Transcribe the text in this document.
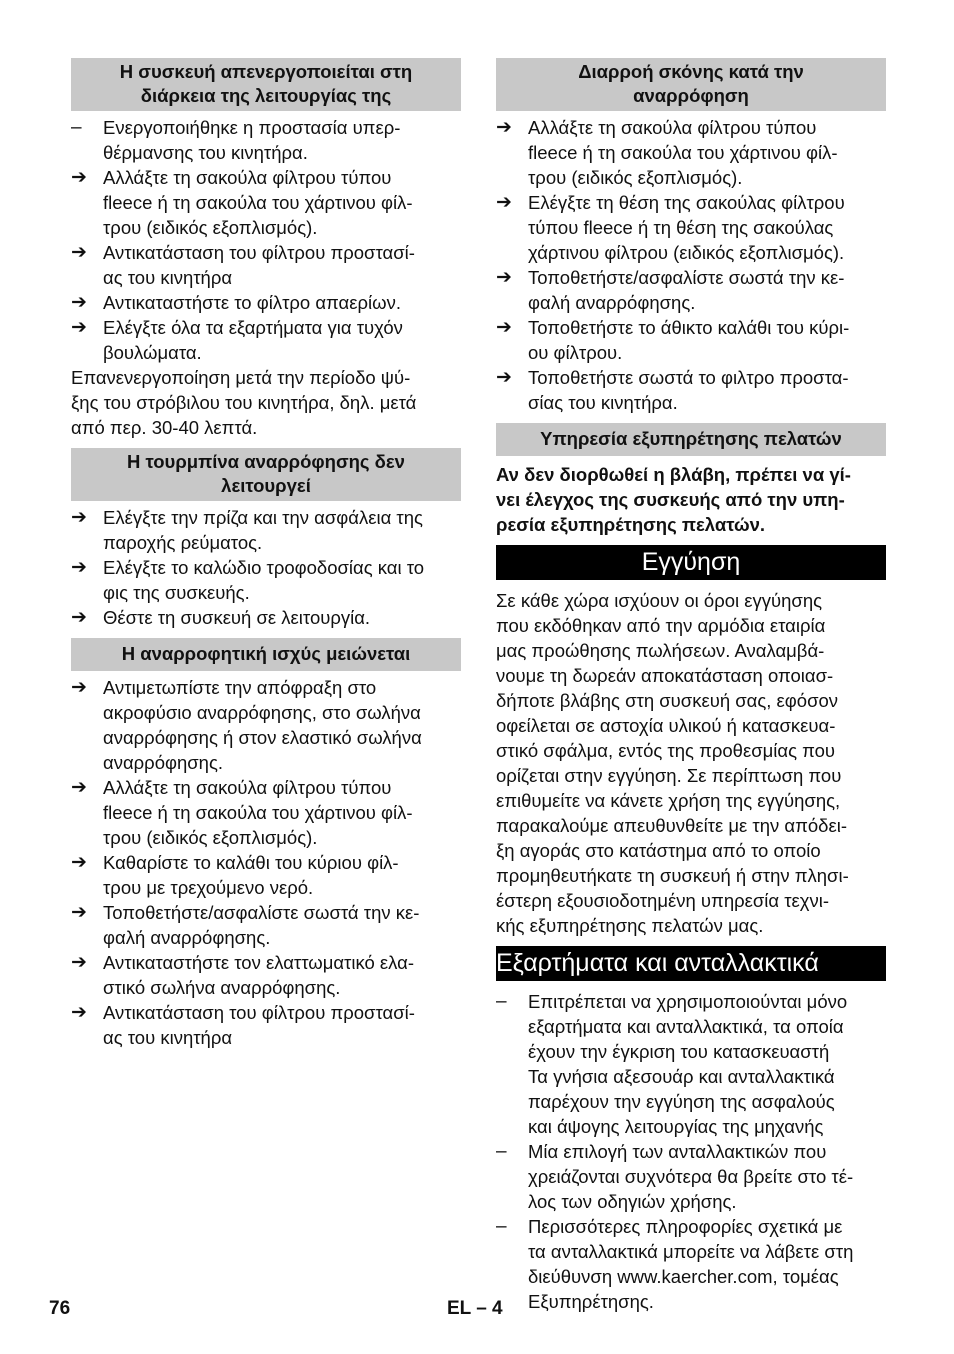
Η συσκευή απενεργοποιείται στη
διάρκεια της λειτουργίας της
–	Ενεργοποιήθηκε η προστασία υπερ-
θέρμανσης του κινητήρα.
➔ Αλλάξτε τη σακούλα φίλτρου τύπου
fleece ή τη σακούλα του χάρτινου φίλ-
τρου (ειδικός εξοπλισμός).
➔ Αντικατάσταση του φίλτρου προστασί-
ας του κινητήρα
➔ Αντικαταστήστε το φίλτρο απαερίων.
➔ Ελέγξτε όλα τα εξαρτήματα για τυχόν
βουλώματα.
Επανενεργοποίηση μετά την περίοδο ψύ-
ξης του στρόβιλου του κινητήρα, δηλ. μετά
από περ. 30-40 λεπτά.
Η τουρμπίνα αναρρόφησης δεν
λειτουργεί
➔ Ελέγξτε την πρίζα και την ασφάλεια της
παροχής ρεύματος.
➔ Ελέγξτε το καλώδιο τροφοδοσίας και το
φις της συσκευής.
➔ Θέστε τη συσκευή σε λειτουργία.
Η αναρροφητική ισχύς μειώνεται
➔ Αντιμετωπίστε την απόφραξη στο
ακροφύσιο αναρρόφησης, στο σωλήνα
αναρρόφησης ή στον ελαστικό σωλήνα
αναρρόφησης.
➔ Αλλάξτε τη σακούλα φίλτρου τύπου
fleece ή τη σακούλα του χάρτινου φίλ-
τρου (ειδικός εξοπλισμός).
➔ Καθαρίστε το καλάθι του κύριου φίλ-
τρου με τρεχούμενο νερό.
➔ Τοποθετήστε/ασφαλίστε σωστά την κε-
φαλή αναρρόφησης.
➔ Αντικαταστήστε τον ελαττωματικό ελα-
στικό σωλήνα αναρρόφησης.
➔ Αντικατάσταση του φίλτρου προστασί-
ας του κινητήρα
Διαρροή σκόνης κατά την
αναρρόφηση
➔ Αλλάξτε τη σακούλα φίλτρου τύπου
fleece ή τη σακούλα του χάρτινου φίλ-
τρου (ειδικός εξοπλισμός).
➔ Ελέγξτε τη θέση της σακούλας φίλτρου
τύπου fleece ή τη θέση της σακούλας
χάρτινου φίλτρου (ειδικός εξοπλισμός).
➔ Τοποθετήστε/ασφαλίστε σωστά την κε-
φαλή αναρρόφησης.
➔ Τοποθετήστε το άθικτο καλάθι του κύρι-
ου φίλτρου.
➔ Τοποθετήστε σωστά το φιλτρο προστα-
σίας του κινητήρα.
Υπηρεσία εξυπηρέτησης πελατών
Αν δεν διορθωθεί η βλάβη, πρέπει να γί-
νει έλεγχος της συσκευής από την υπη-
ρεσία εξυπηρέτησης πελατών.
Εγγύηση
Σε κάθε χώρα ισχύουν οι όροι εγγύησης
που εκδόθηκαν από την αρμόδια εταιρία
μας προώθησης πωλήσεων. Αναλαμβά-
νουμε τη δωρεάν αποκατάσταση οποιασ-
δήποτε βλάβης στη συσκευή σας, εφόσον
οφείλεται σε αστοχία υλικού ή κατασκευα-
στικό σφάλμα, εντός της προθεσμίας που
ορίζεται στην εγγύηση. Σε περίπτωση που
επιθυμείτε να κάνετε χρήση της εγγύησης,
παρακαλούμε απευθυνθείτε με την απόδει-
ξη αγοράς στο κατάστημα από το οποίο
προμηθευτήκατε τη συσκευή ή στην πλησι-
έστερη εξουσιοδοτημένη υπηρεσία τεχνι-
κής εξυπηρέτησης πελατών μας.
Εξαρτήματα και ανταλλακτικά
–	Επιτρέπεται να χρησιμοποιούνται μόνο
εξαρτήματα και ανταλλακτικά, τα οποία
έχουν την έγκριση του κατασκευαστή
Τα γνήσια αξεσουάρ και ανταλλακτικά
παρέχουν την εγγύηση της ασφαλούς
και άψογης λειτουργίας της μηχανής
–	Μία επιλογή των ανταλλακτικών που
χρειάζονται συχνότερα θα βρείτε στο τέ-
λος των οδηγιών χρήσης.
–	Περισσότερες πληροφορίες σχετικά με
τα ανταλλακτικά μπορείτε να λάβετε στη
διεύθυνση www.kaercher.com, τομέας
Εξυπηρέτησης.
76	EL – 4
